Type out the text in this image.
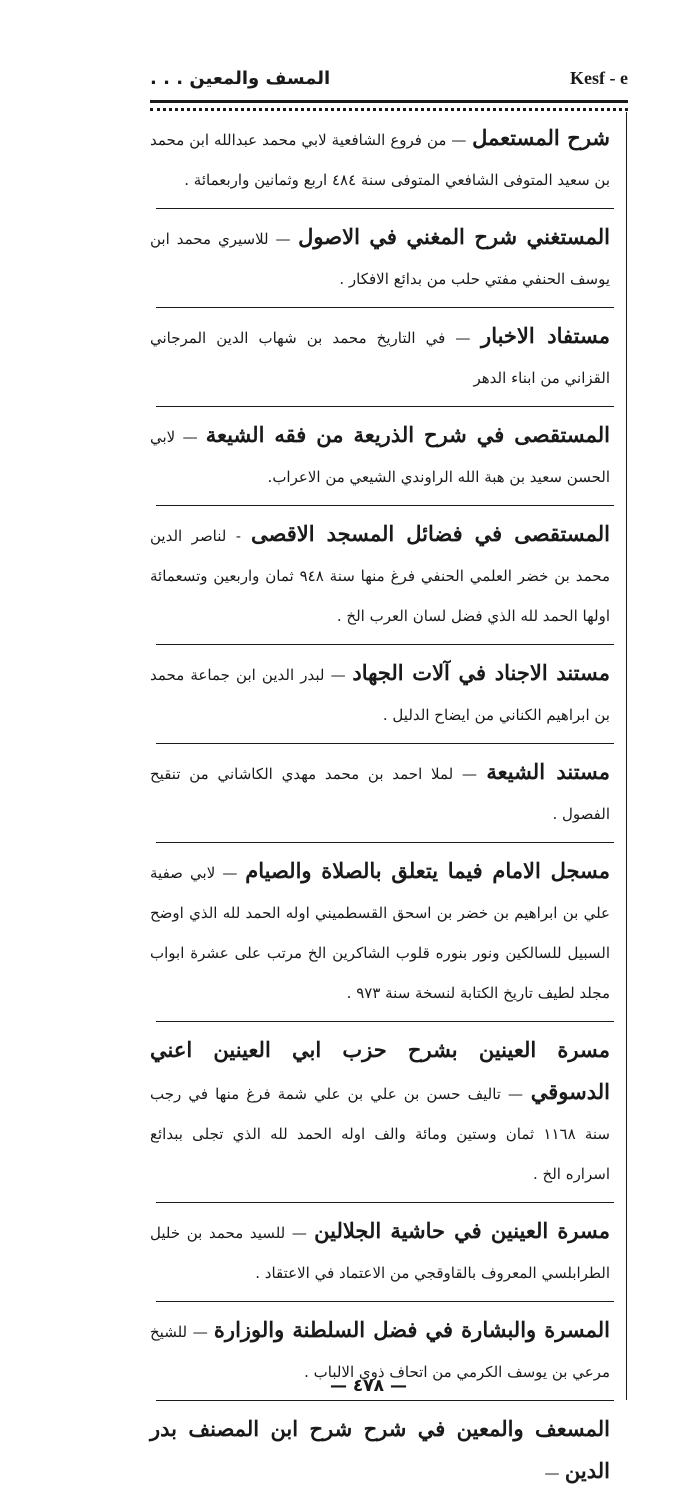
المسف والمعين . . .	Kesf - e
شرح المستعمل — من فروع الشافعية لابي محمد عبدالله ابن محمد بن سعيد المتوفى الشافعي المتوفى سنة ٤٨٤ اربع وثمانين واربعمائة .
المستغني شرح المغني في الاصول — للاسيري محمد ابن يوسف الحنفي مفتي حلب من بدائع الافكار .
مستفاد الاخبار — في التاريخ محمد بن شهاب الدين المرجاني القزاني من ابناء الدهر
المستقصى في شرح الذريعة من فقه الشيعة — لابي الحسن سعيد بن هبة الله الراوندي الشيعي من الاعراب.
المستقصى في فضائل المسجد الاقصى - لناصر الدين محمد بن خضر العلمي الحنفي فرغ منها سنة ٩٤٨ ثمان واربعين وتسعمائة اولها الحمد لله الذي فضل لسان العرب الخ .
مستند الاجناد في آلات الجهاد — لبدر الدين ابن جماعة محمد بن ابراهيم الكناني من ايضاح الدليل .
مستند الشيعة — لملا احمد بن محمد مهدي الكاشاني من تنقيح الفصول .
مسجل الامام فيما يتعلق بالصلاة والصيام — لابي صفية علي بن ابراهيم بن خضر بن اسحق القسطميني اوله الحمد لله الذي اوضح السبيل للسالكين ونور بنوره قلوب الشاكرين الخ مرتب على عشرة ابواب مجلد لطيف تاريخ الكتابة لنسخة سنة ٩٧٣ .
مسرة العينين بشرح حزب ابي العينين اعني الدسوقي — تاليف حسن بن علي بن علي شمة فرغ منها في رجب سنة ١١٦٨ ثمان وستين ومائة والف اوله الحمد لله الذي تجلى ببدائع اسراره الخ .
مسرة العينين في حاشية الجلالين — للسيد محمد بن خليل الطرابلسي المعروف بالقاوقجي من الاعتماد في الاعتقاد .
المسرة والبشارة في فضل السلطنة والوزارة — للشيخ مرعي بن يوسف الكرمي من اتحاف ذوي الالباب .
المسعف والمعين في شرح شرح ابن المصنف بدر الدين —
— ٤٧٨ —
